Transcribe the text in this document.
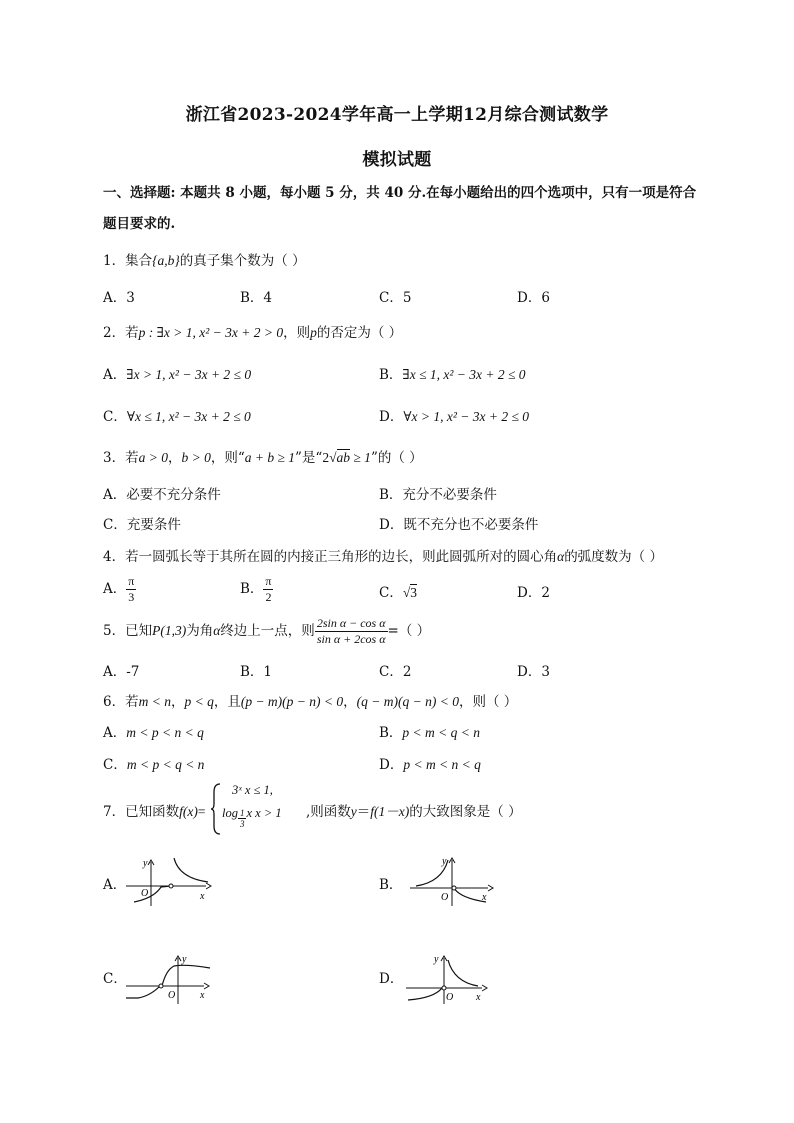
浙江省2023-2024学年高一上学期12月综合测试数学
模拟试题
一、选择题: 本题共 8 小题，每小题 5 分，共 40 分.在每小题给出的四个选项中，只有一项是符合
题目要求的.
1．集合{a,b}的真子集个数为（ ）
A．3	B．4	C．5	D．6
2．若p : ∃x > 1, x² − 3x + 2 > 0，则p的否定为（ ）
A．∃x > 1, x² − 3x + 2 ≤ 0	B．∃x ≤ 1, x² − 3x + 2 ≤ 0
C．∀x ≤ 1, x² − 3x + 2 ≤ 0	D．∀x > 1, x² − 3x + 2 ≤ 0
3．若a > 0，b > 0，则“a + b ≥ 1”是“2√ab ≥ 1”的（ ）
A．必要不充分条件	B．充分不必要条件
C．充要条件	D．既不充分也不必要条件
4．若一圆弧长等于其所在圆的内接正三角形的边长，则此圆弧所对的圆心角α的弧度数为（ ）
A． $\frac{\pi}{3}$	B． $\frac{\pi}{2}$	C．√3	D．2
5．已知P(1,3)为角α终边上一点，则 $\frac{\text{2sin α − cos α}}{\text{sin α + 2cos α}}$ =（ ）
A．-7	B．1	C．2	D．3
6．若m < n，p < q，且(p − m)(p − n) < 0，(q − m)(q − n) < 0，则（ ）
A．m < p < n < q	B．p < m < q < n
C．m < p < q < n	D．p < m < n < q
7．已知函数f(x)=
3ˣ x ≤ 1,
$\log \frac{1}{3}$ x x > 1 ,则函数y＝f(1－x)的大致图象是（ ）
A．
y
O	x
B．
y
O	x
C．
y
O x
D．
y
O x
